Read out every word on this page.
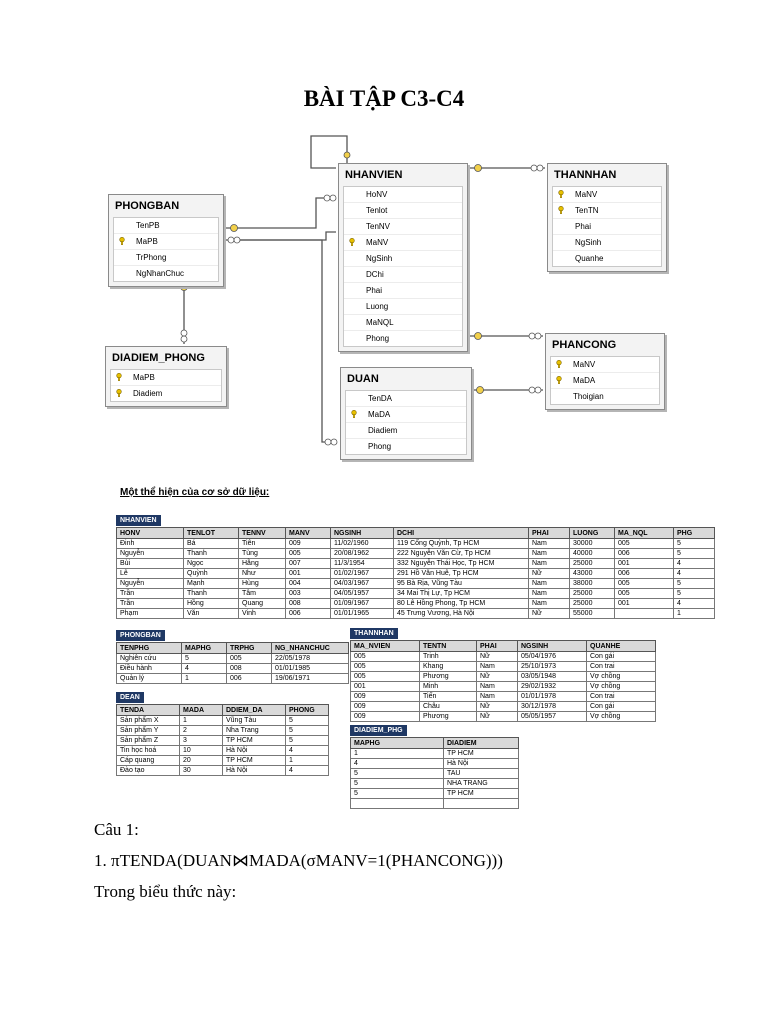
BÀI TẬP C3-C4
NHANVIEN
HoNV
Tenlot
TenNV
MaNV
NgSinh
DChi
Phai
Luong
MaNQL
Phong
THANNHAN
MaNV
TenTN
Phai
NgSinh
Quanhe
PHONGBAN
TenPB
MaPB
TrPhong
NgNhanChuc
DIADIEM_PHONG
MaPB
Diadiem
PHANCONG
MaNV
MaDA
Thoigian
DUAN
TenDA
MaDA
Diadiem
Phong
Một thể hiện của cơ sở dữ liệu:
NHANVIEN
HONV	TENLOT	TENNV	MANV	NGSINH	DCHI	PHAI	LUONG	MA_NQL	PHG
Đinh	Bá	Tiên	009	11/02/1960	119 Cống Quỳnh, Tp HCM	Nam	30000	005	5
Nguyễn	Thanh	Tùng	005	20/08/1962	222 Nguyễn Văn Cừ, Tp HCM	Nam	40000	006	5
Bùi	Ngọc	Hằng	007	11/3/1954	332 Nguyễn Thái Học, Tp HCM	Nam	25000	001	4
Lê	Quỳnh	Như	001	01/02/1967	291 Hồ Văn Huê, Tp HCM	Nữ	43000	006	4
Nguyễn	Mạnh	Hùng	004	04/03/1967	95 Bà Rịa, Vũng Tàu	Nam	38000	005	5
Trần	Thanh	Tâm	003	04/05/1957	34 Mai Thị Lự, Tp HCM	Nam	25000	005	5
Trần	Hồng	Quang	008	01/09/1967	80 Lê Hồng Phong, Tp HCM	Nam	25000	001	4
Phạm	Văn	Vinh	006	01/01/1965	45 Trưng Vương, Hà Nội	Nữ	55000		1
PHONGBAN
TENPHG	MAPHG	TRPHG	NG_NHANCHUC
Nghiên cứu	5	005	22/05/1978
Điều hành	4	008	01/01/1985
Quản lý	1	006	19/06/1971
THANNHAN
MA_NVIEN	TENTN	PHAI	NGSINH	QUANHE
005	Trinh	Nữ	05/04/1976	Con gái
005	Khang	Nam	25/10/1973	Con trai
005	Phương	Nữ	03/05/1948	Vợ chồng
001	Minh	Nam	29/02/1932	Vợ chồng
009	Tiến	Nam	01/01/1978	Con trai
009	Châu	Nữ	30/12/1978	Con gái
009	Phương	Nữ	05/05/1957	Vợ chồng
DEAN
TENDA	MADA	DDIEM_DA	PHONG
Sản phẩm X	1	Vũng Tàu	5
Sản phẩm Y	2	Nha Trang	5
Sản phẩm Z	3	TP HCM	5
Tin học hoá	10	Hà Nội	4
Cáp quang	20	TP HCM	1
Đào tạo	30	Hà Nội	4
DIADIEM_PHG
MAPHG	DIADIEM
1	TP HCM
4	Hà Nội
5	TAU
5	NHA TRANG
5	TP HCM

Câu 1:
1. πTENDA(DUAN⋈MADA(σMANV=1(PHANCONG)))
Trong biểu thức này:
